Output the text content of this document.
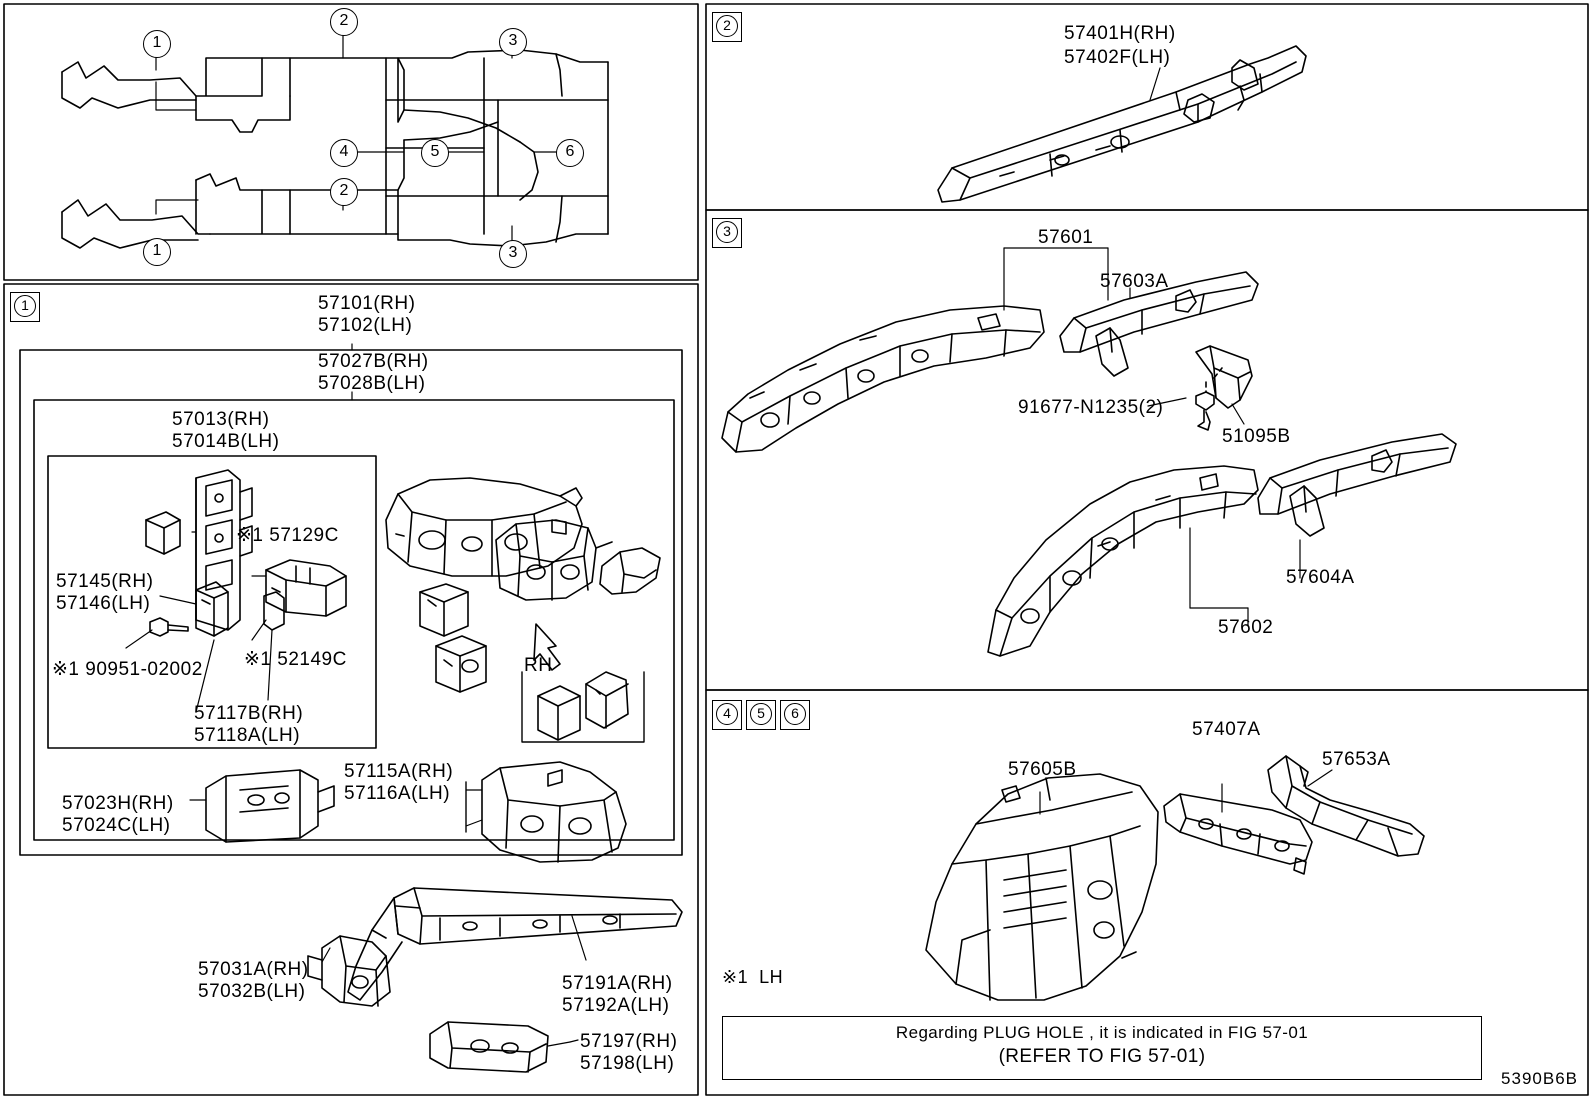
1
2
3
4	5	6
1
1
2
2
3
3
4	5	6
57101(RH)
57102(LH)
57027B(RH)
57028B(LH)
57013(RH)
57014B(LH)
※1 57129C
57145(RH)
57146(LH)
※1 90951-02002 ※1 52149C
57117B(RH)
57118A(LH)
RH
57023H(RH)
57024C(LH)
57115A(RH)
57116A(LH)
57031A(RH)
57032B(LH)	57191A(RH)
57192A(LH)
57197(RH)
57198(LH)
57401H(RH)
57402F(LH)
57601
57603A
91677-N1235(2)
51095B
57604A
57602
57605B
57407A
57653A
※1  LH
Regarding PLUG HOLE , it is indicated in FIG 57-01
(REFER TO FIG 57-01)
5390B6B
